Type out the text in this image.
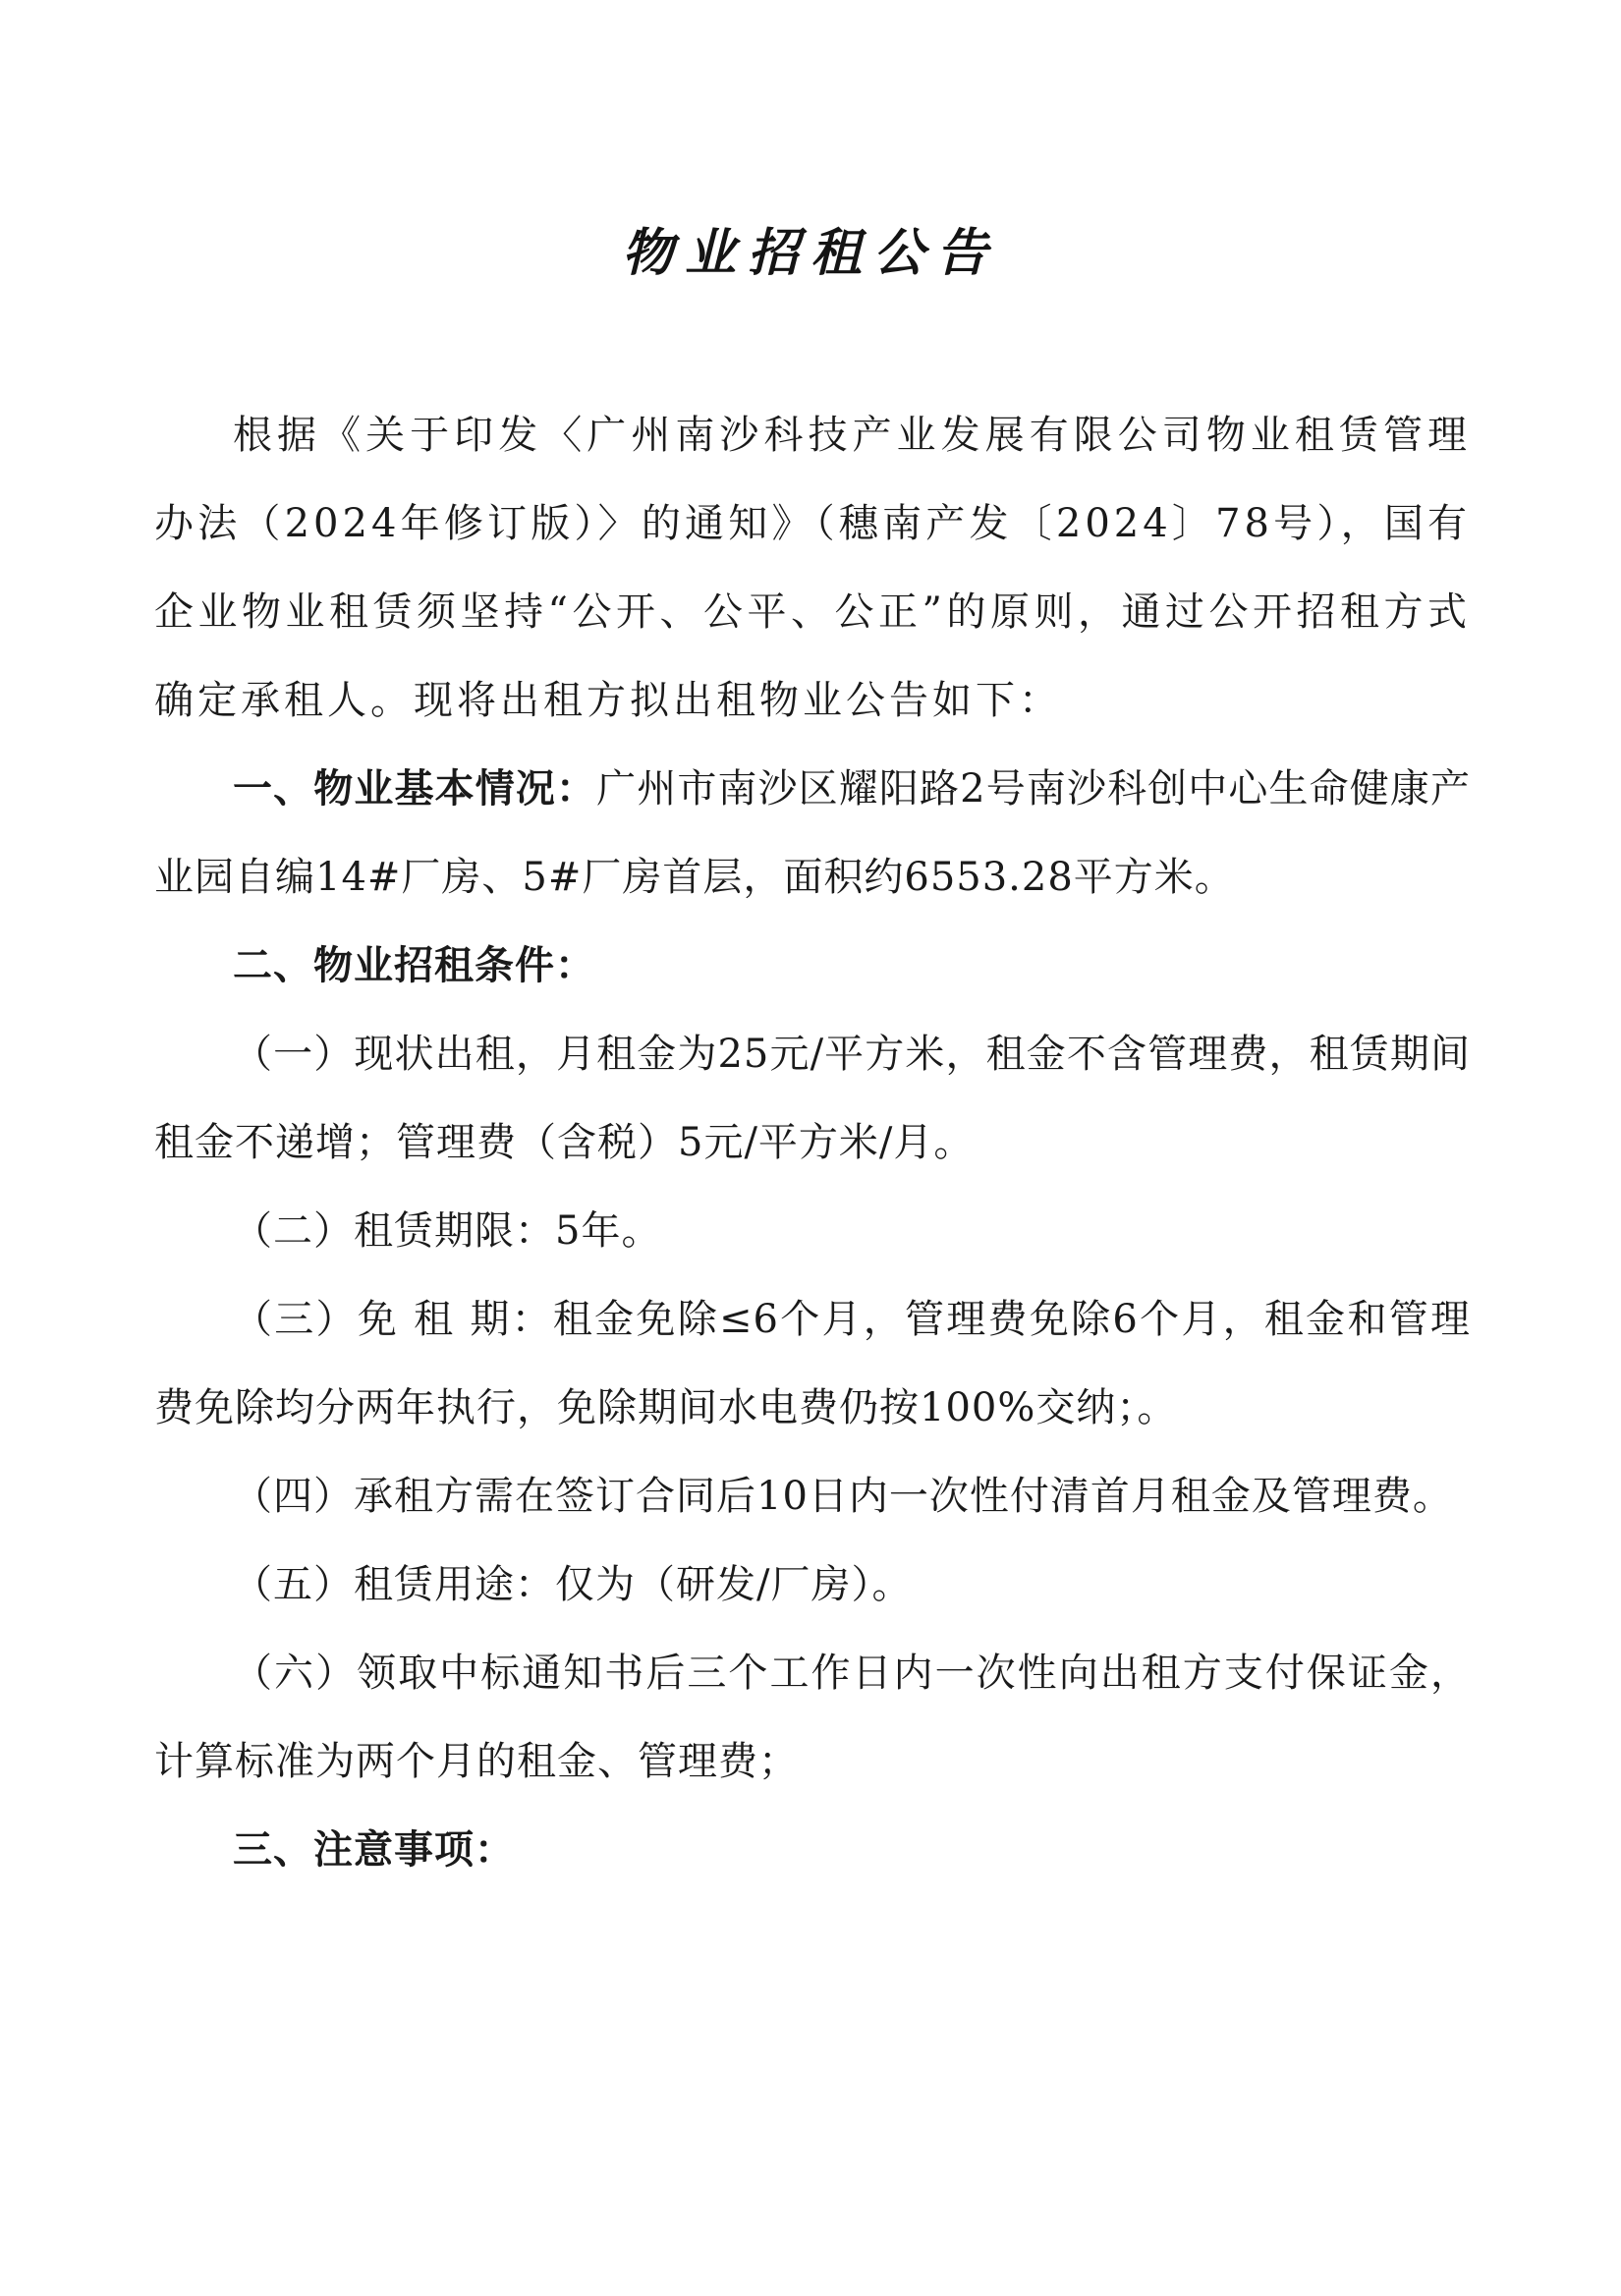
物业招租公告

根据《关于印发〈广州南沙科技产业发展有限公司物业租赁管理办法（2024年修订版）〉的通知》（穗南产发〔2024〕78号），国有企业物业租赁须坚持“公开、公平、公正”的原则，通过公开招租方式确定承租人。现将出租方拟出租物业公告如下：

一、物业基本情况：广州市南沙区耀阳路2号南沙科创中心生命健康产业园自编14#厂房、5#厂房首层，面积约6553.28平方米。

二、物业招租条件：

（一）现状出租，月租金为25元/平方米，租金不含管理费，租赁期间租金不递增；管理费（含税）5元/平方米/月。

（二）租赁期限：5年。

（三）免 租 期：租金免除≤6个月，管理费免除6个月，租金和管理费免除均分两年执行，免除期间水电费仍按100%交纳；。

（四）承租方需在签订合同后10日内一次性付清首月租金及管理费。

（五）租赁用途：仅为（研发/厂房）。

（六）领取中标通知书后三个工作日内一次性向出租方支付保证金，计算标准为两个月的租金、管理费；

三、注意事项：
